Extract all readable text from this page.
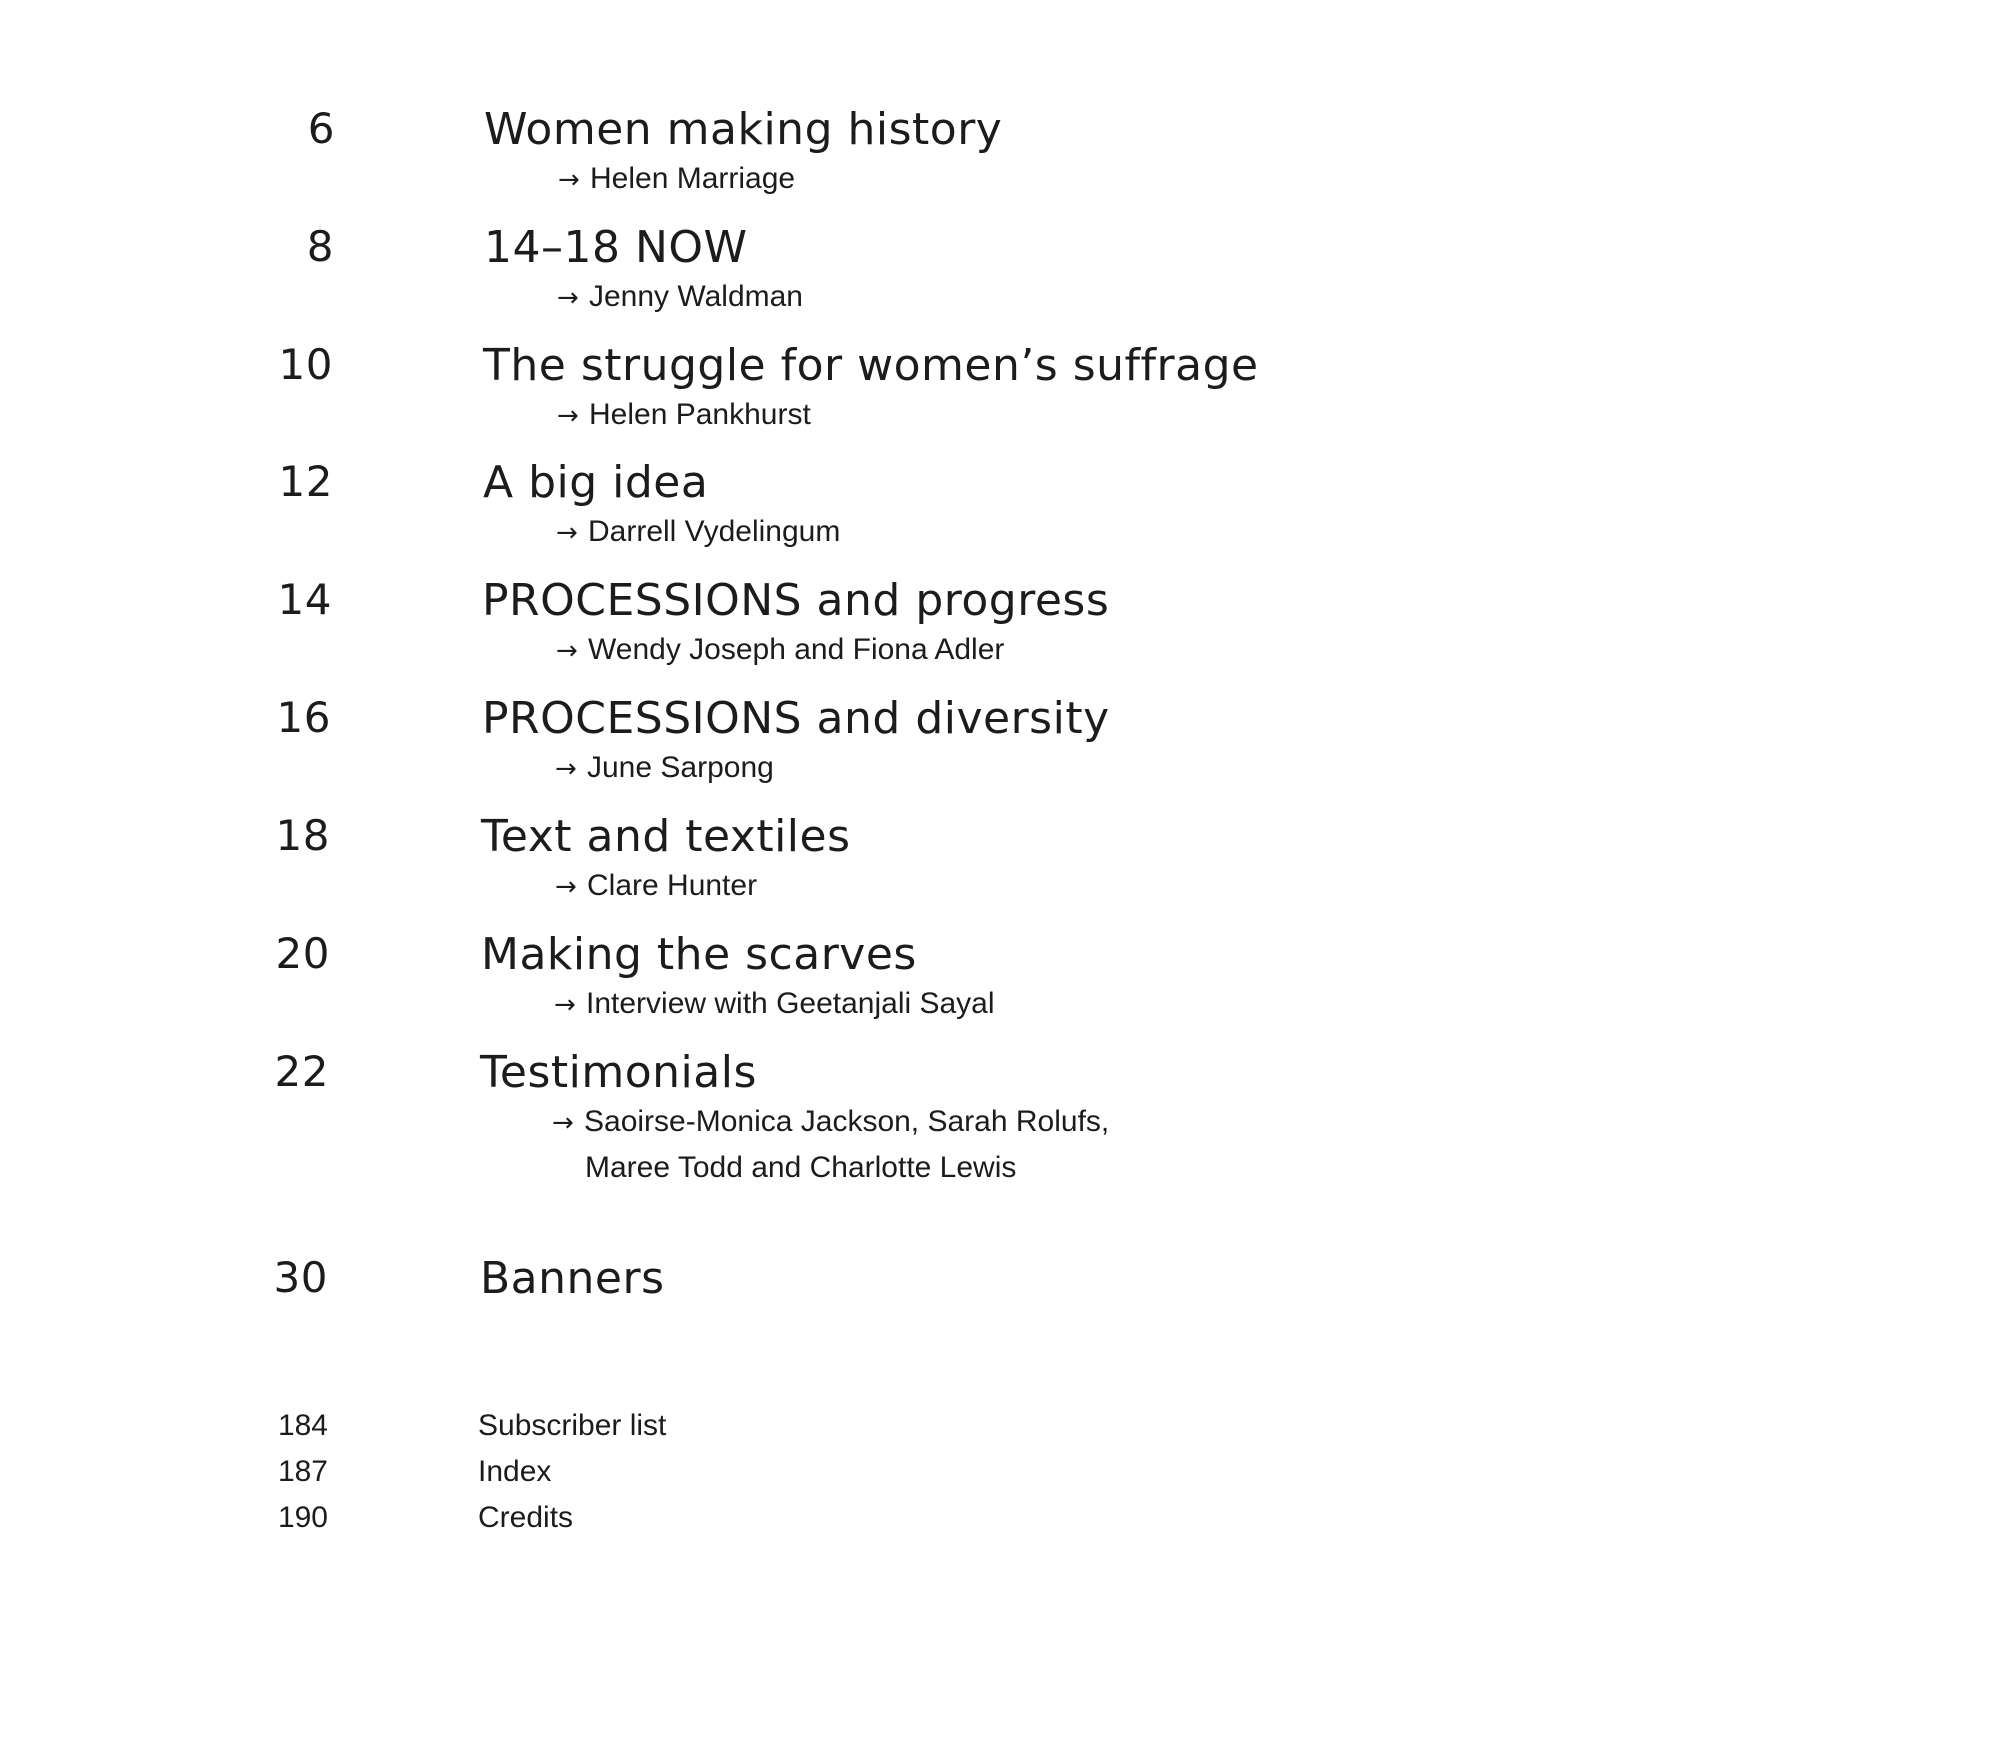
6	Women making history
→ Helen Marriage
8	14–18 NOW
→ Jenny Waldman
10	The struggle for women’s suffrage
→ Helen Pankhurst
12	A big idea
→ Darrell Vydelingum
14	PROCESSIONS and progress
→ Wendy Joseph and Fiona Adler
16	PROCESSIONS and diversity
→ June Sarpong
18	Text and textiles
→ Clare Hunter
20	Making the scarves
→ Interview with Geetanjali Sayal
22	Testimonials
→ Saoirse-Monica Jackson, Sarah Rolufs,
Maree Todd and Charlotte Lewis
30	Banners
184	Subscriber list
187	Index
190	Credits
